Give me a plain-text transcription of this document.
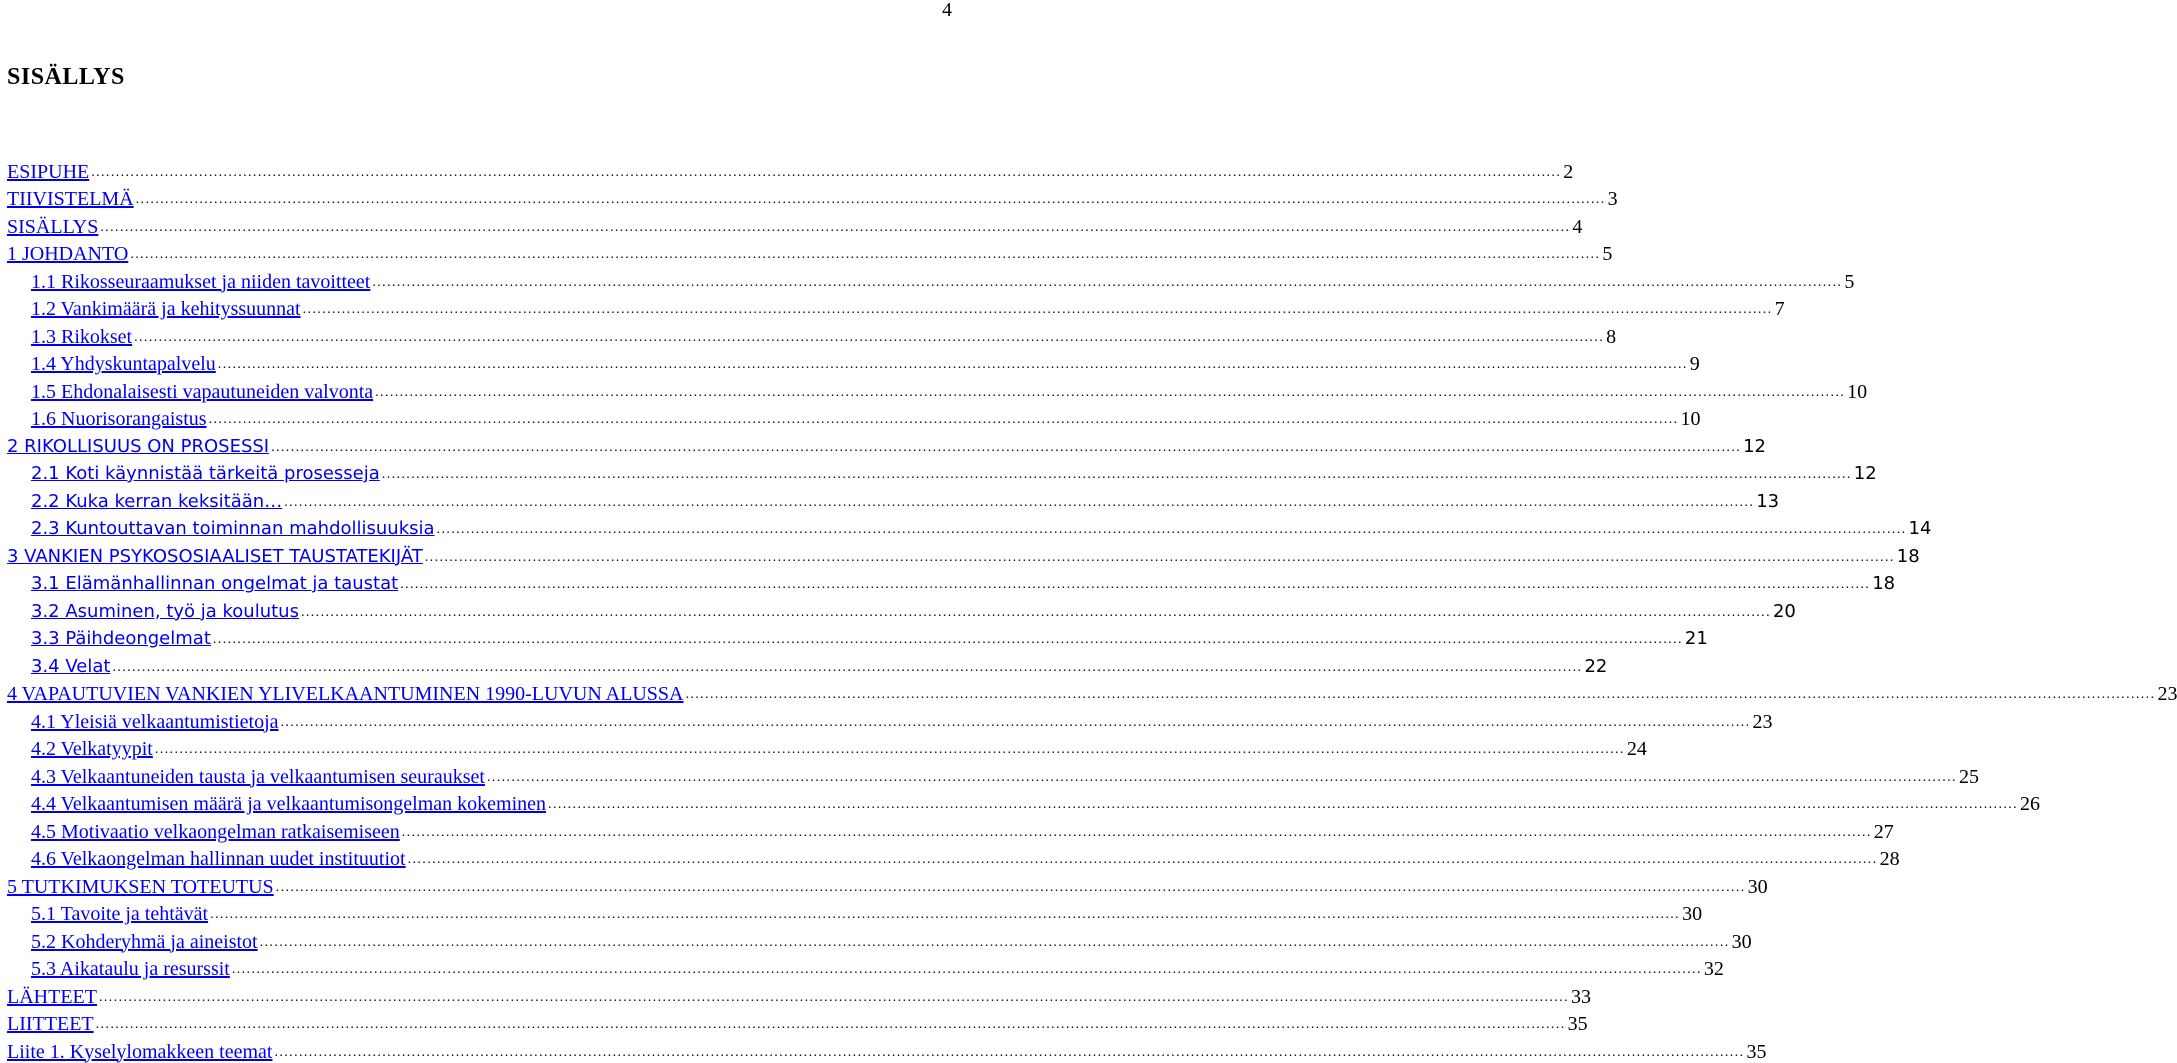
4
SISÄLLYS
ESIPUHE ............................................................................................................................................................................................................................................................................................................ 2
TIIVISTELMÄ ............................................................................................................................................................................................................................................................................................................ 3
SISÄLLYS ............................................................................................................................................................................................................................................................................................................ 4
1 JOHDANTO ............................................................................................................................................................................................................................................................................................................ 5
1.1 Rikosseuraamukset ja niiden tavoitteet ............................................................................................................................................................................................................................................................................................................ 5
1.2 Vankimäärä ja kehityssuunnat ............................................................................................................................................................................................................................................................................................................ 7
1.3 Rikokset ............................................................................................................................................................................................................................................................................................................ 8
1.4 Yhdyskuntapalvelu ............................................................................................................................................................................................................................................................................................................ 9
1.5 Ehdonalaisesti vapautuneiden valvonta ............................................................................................................................................................................................................................................................................................................ 10
1.6 Nuorisorangaistus ............................................................................................................................................................................................................................................................................................................ 10
2 RIKOLLISUUS ON PROSESSI ............................................................................................................................................................................................................................................................................................................ 12
2.1 Koti käynnistää tärkeitä prosesseja ............................................................................................................................................................................................................................................................................................................ 12
2.2 Kuka kerran keksitään… ............................................................................................................................................................................................................................................................................................................ 13
2.3 Kuntouttavan toiminnan mahdollisuuksia ............................................................................................................................................................................................................................................................................................................ 14
3 VANKIEN PSYKOSOSIAALISET TAUSTATEKIJÄT ............................................................................................................................................................................................................................................................................................................ 18
3.1 Elämänhallinnan ongelmat ja taustat ............................................................................................................................................................................................................................................................................................................ 18
3.2 Asuminen, työ ja koulutus ............................................................................................................................................................................................................................................................................................................ 20
3.3 Päihdeongelmat ............................................................................................................................................................................................................................................................................................................ 21
3.4 Velat ............................................................................................................................................................................................................................................................................................................ 22
4 VAPAUTUVIEN VANKIEN YLIVELKAANTUMINEN 1990-LUVUN ALUSSA ............................................................................................................................................................................................................................................................................................................ 23
4.1 Yleisiä velkaantumistietoja ............................................................................................................................................................................................................................................................................................................ 23
4.2 Velkatyypit ............................................................................................................................................................................................................................................................................................................ 24
4.3 Velkaantuneiden tausta ja velkaantumisen seuraukset ............................................................................................................................................................................................................................................................................................................ 25
4.4 Velkaantumisen määrä ja velkaantumisongelman kokeminen ............................................................................................................................................................................................................................................................................................................ 26
4.5 Motivaatio velkaongelman ratkaisemiseen ............................................................................................................................................................................................................................................................................................................ 27
4.6 Velkaongelman hallinnan uudet instituutiot ............................................................................................................................................................................................................................................................................................................ 28
5 TUTKIMUKSEN TOTEUTUS ............................................................................................................................................................................................................................................................................................................ 30
5.1 Tavoite ja tehtävät ............................................................................................................................................................................................................................................................................................................ 30
5.2 Kohderyhmä ja aineistot ............................................................................................................................................................................................................................................................................................................ 30
5.3 Aikataulu ja resurssit ............................................................................................................................................................................................................................................................................................................ 32
LÄHTEET ............................................................................................................................................................................................................................................................................................................ 33
LIITTEET ............................................................................................................................................................................................................................................................................................................ 35
Liite 1. Kyselylomakkeen teemat ............................................................................................................................................................................................................................................................................................................ 35
